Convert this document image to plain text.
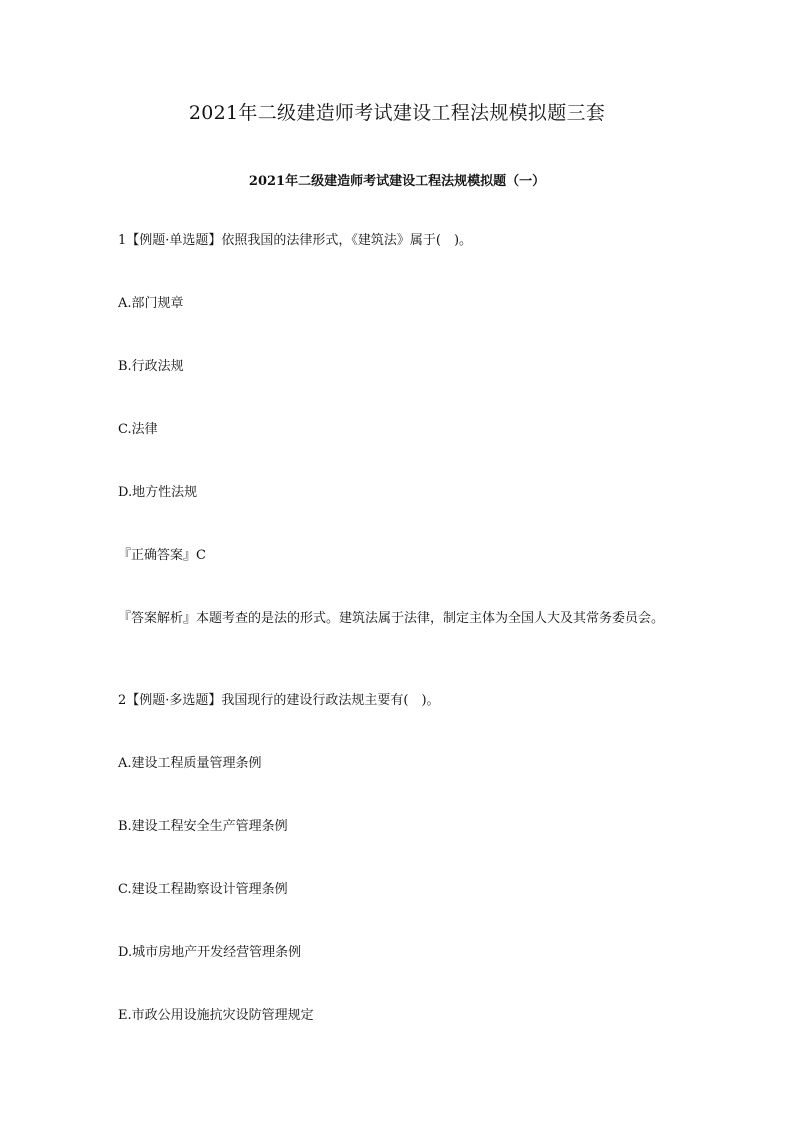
2021年二级建造师考试建设工程法规模拟题三套
2021年二级建造师考试建设工程法规模拟题（一）
1【例题·单选题】依照我国的法律形式，《建筑法》属于(　)。
A.部门规章
B.行政法规
C.法律
D.地方性法规
『正确答案』C
『答案解析』本题考查的是法的形式。建筑法属于法律，制定主体为全国人大及其常务委员会。
2【例题·多选题】我国现行的建设行政法规主要有(　)。
A.建设工程质量管理条例
B.建设工程安全生产管理条例
C.建设工程勘察设计管理条例
D.城市房地产开发经营管理条例
E.市政公用设施抗灾设防管理规定
